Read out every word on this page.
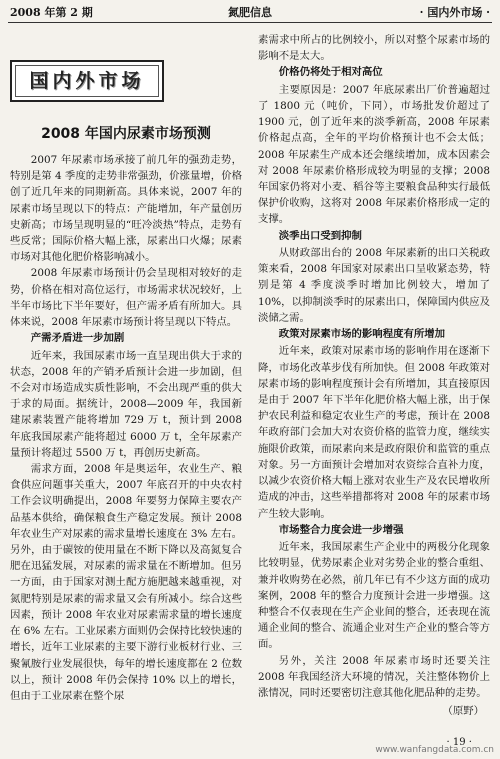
2008 年第 2 期	氮肥信息	· 国内外市场 ·
国内外市场
2008 年国内尿素市场预测

2007 年尿素市场承接了前几年的强劲走势，特别是第 4 季度的走势非常强劲，价涨量增，价格创了近几年来的同期新高。具体来说，2007 年的尿素市场呈现以下的特点：产能增加，年产量创历史新高；市场呈现明显的“旺冷淡热”特点，走势有些反常；国际价格大幅上涨，尿素出口火爆；尿素市场对其他化肥价格影响减小。

2008 年尿素市场预计仍会呈现相对较好的走势，价格在相对高位运行，市场需求状况较好，上半年市场比下半年要好，但产需矛盾有所加大。具体来说，2008 年尿素市场预计将呈现以下特点。

产需矛盾进一步加剧

近年来，我国尿素市场一直呈现出供大于求的状态，2008 年的产销矛盾预计会进一步加剧，但不会对市场造成实质性影响，不会出现严重的供大于求的局面。据统计，2008—2009 年，我国新建尿素装置产能将增加 729 万 t，预计到 2008 年底我国尿素产能将超过 6000 万 t，全年尿素产量预计将超过 5500 万 t，再创历史新高。

需求方面，2008 年是奥运年，农业生产、粮食供应问题事关重大，2007 年底召开的中央农村工作会议明确提出，2008 年要努力保障主要农产品基本供给，确保粮食生产稳定发展。预计 2008 年农业生产对尿素的需求量增长速度在 3% 左右。另外，由于碳铵的使用量在不断下降以及高氮复合肥在迅猛发展，对尿素的需求量在不断增加。但另一方面，由于国家对测土配方施肥越来越重视，对氮肥特别是尿素的需求量又会有所减小。综合这些因素，预计 2008 年农业对尿素需求量的增长速度在 6% 左右。工业尿素方面则仍会保持比较快速的增长，近年工业尿素的主要下游行业板材行业、三聚氰胺行业发展很快，每年的增长速度都在 2 位数以上，预计 2008 年仍会保持 10% 以上的增长，但由于工业尿素在整个尿

素需求中所占的比例较小，所以对整个尿素市场的影响不是太大。

价格仍将处于相对高位

主要原因是：2007 年底尿素出厂价普遍超过了 1800 元（吨价，下同），市场批发价超过了 1900 元，创了近年来的淡季新高，2008 年尿素价格起点高，全年的平均价格预计也不会太低；2008 年尿素生产成本还会继续增加，成本因素会对 2008 年尿素价格形成较为明显的支撑；2008 年国家仍将对小麦、稻谷等主要粮食品种实行最低保护价收购，这将对 2008 年尿素价格形成一定的支撑。

淡季出口受到抑制

从财政部出台的 2008 年尿素新的出口关税政策来看，2008 年国家对尿素出口呈收紧态势，特别是第 4 季度淡季时增加比例较大，增加了 10%，以抑制淡季时的尿素出口，保障国内供应及淡储之需。

政策对尿素市场的影响程度有所增加

近年来，政策对尿素市场的影响作用在逐渐下降，市场化改革步伐有所加快。但 2008 年政策对尿素市场的影响程度预计会有所增加，其直接原因是由于 2007 年下半年化肥价格大幅上涨，出于保护农民利益和稳定农业生产的考虑，预计在 2008 年政府部门会加大对农资价格的监管力度，继续实施限价政策，而尿素向来是政府限价和监管的重点对象。另一方面预计会增加对农资综合直补力度，以减少农资价格大幅上涨对农业生产及农民增收所造成的冲击，这些举措都将对 2008 年的尿素市场产生较大影响。

市场整合力度会进一步增强

近年来，我国尿素生产企业中的两极分化现象比较明显，优势尿素企业对劣势企业的整合重组、兼并收购势在必然，前几年已有不少这方面的成功案例，2008 年的整合力度预计会进一步增强。这种整合不仅表现在生产企业间的整合，还表现在流通企业间的整合、流通企业对生产企业的整合等方面。

另外，关注 2008 年尿素市场时还要关注 2008 年我国经济大环境的情况，关注整体物价上涨情况，同时还要密切注意其他化肥品种的走势。

（原野）
· 19 ·
www.wanfangdata.com.cn
